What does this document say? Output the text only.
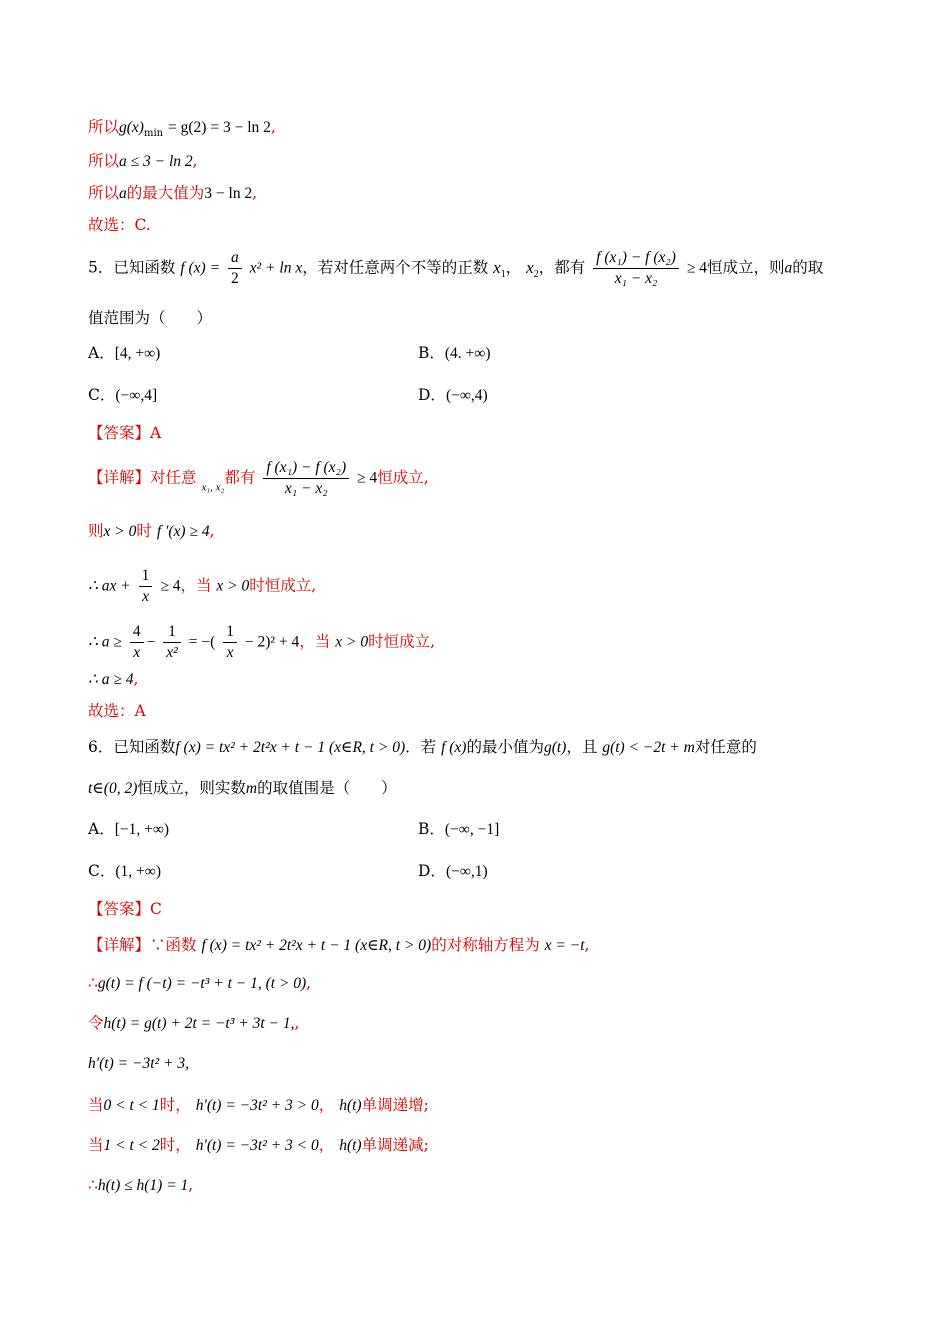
所以$g(x)_{min} = g(2) = 3 - \ln 2$,
所以a ≤ 3 − ln 2,
所以a的最大值为3 − ln 2,
故选：C.
5．已知函数 f $(x) = \frac{a}{2} x^2 + \ln x$，若对任意两个不等的正数 $x_1$， $x_2$，都有 $\frac{\text{f (x₁) − f (x₂)}}{\text{x₁ − x₂}} \ge 4$恒成立，则a的取
值范围为（　　）
A．[4, +∞)	B．(4. +∞)
C．(−∞,4]	D．(−∞,4)
【答案】A
【详解】对任意 $_{x_1, x_2}$都有 $\frac{\text{f (x₁) − f (x₂)}}{\text{x₁ − x₂}} \ge 4$恒成立,
则x > 0时 f ′(x) ≥ 4,
∴ ax + $\frac{1}{x} \ge 4$，当 x > 0时恒成立,
∴ $a \ge \frac{4}{x} - \frac{1}{\text{x²}}$ = −( $\frac{1}{x} - 2)^2 + 4$，当 x > 0时恒成立,
∴ a ≥ 4,
故选：A
6．已知函数f (x) = tx² + 2t²x + t − 1 (x∈R, t > 0)．若 f (x)的最小值为g(t)，且 g(t) < −2t + m对任意的
t∈(0, 2)恒成立，则实数m的取值围是（　　）
A．[−1, +∞)	B．(−∞, −1]
C．(1, +∞)	D．(−∞,1)
【答案】C
【详解】∵函数 f (x) = tx² + 2t²x + t − 1 (x∈R, t > 0)的对称轴方程为 x = −t,
∴g(t) = f (−t) = −t³ + t − 1, (t > 0),
令h(t) = g(t) + 2t = −t³ + 3t − 1,,
h′(t) = −3t² + 3,
当0 < t < 1时， h′(t) = −3t² + 3 > 0， h(t)单调递增;
当1 < t < 2时， h′(t) = −3t² + 3 < 0， h(t)单调递减;
∴h(t) ≤ h(1) = 1,
